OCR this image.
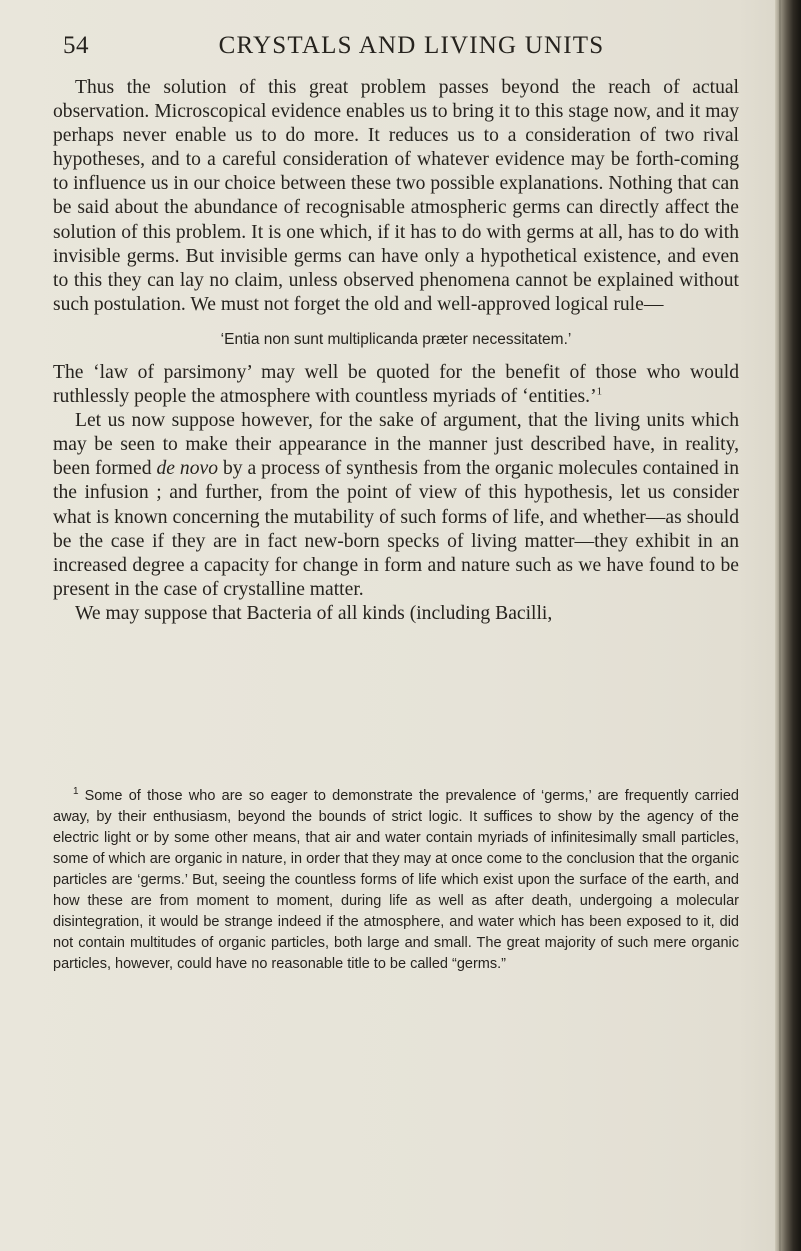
54	CRYSTALS AND LIVING UNITS

Thus the solution of this great problem passes beyond the reach of actual observation. Microscopical evidence enables us to bring it to this stage now, and it may perhaps never enable us to do more. It reduces us to a consideration of two rival hypotheses, and to a careful consideration of whatever evidence may be forth-coming to influence us in our choice between these two possible explanations. Nothing that can be said about the abundance of recognisable atmospheric germs can directly affect the solution of this problem. It is one which, if it has to do with germs at all, has to do with invisible germs. But invisible germs can have only a hypothetical existence, and even to this they can lay no claim, unless observed phenomena cannot be explained without such postulation. We must not forget the old and well-approved logical rule—

‘Entia non sunt multiplicanda præter necessitatem.’

The ‘law of parsimony’ may well be quoted for the benefit of those who would ruthlessly people the atmosphere with countless myriads of ‘entities.’$^1$

Let us now suppose however, for the sake of argument, that the living units which may be seen to make their appearance in the manner just described have, in reality, been formed de novo by a process of synthesis from the organic molecules contained in the infusion ; and further, from the point of view of this hypothesis, let us consider what is known concerning the mutability of such forms of life, and whether—as should be the case if they are in fact new-born specks of living matter—they exhibit in an increased degree a capacity for change in form and nature such as we have found to be present in the case of crystalline matter.

We may suppose that Bacteria of all kinds (including Bacilli,

$^1$ Some of those who are so eager to demonstrate the prevalence of ‘germs,’ are frequently carried away, by their enthusiasm, beyond the bounds of strict logic. It suffices to show by the agency of the electric light or by some other means, that air and water contain myriads of infinitesimally small particles, some of which are organic in nature, in order that they may at once come to the conclusion that the organic particles are ‘germs.’ But, seeing the countless forms of life which exist upon the surface of the earth, and how these are from moment to moment, during life as well as after death, undergoing a molecular disintegration, it would be strange indeed if the atmosphere, and water which has been exposed to it, did not contain multitudes of organic particles, both large and small. The great majority of such mere organic particles, however, could have no reasonable title to be called “germs.”
